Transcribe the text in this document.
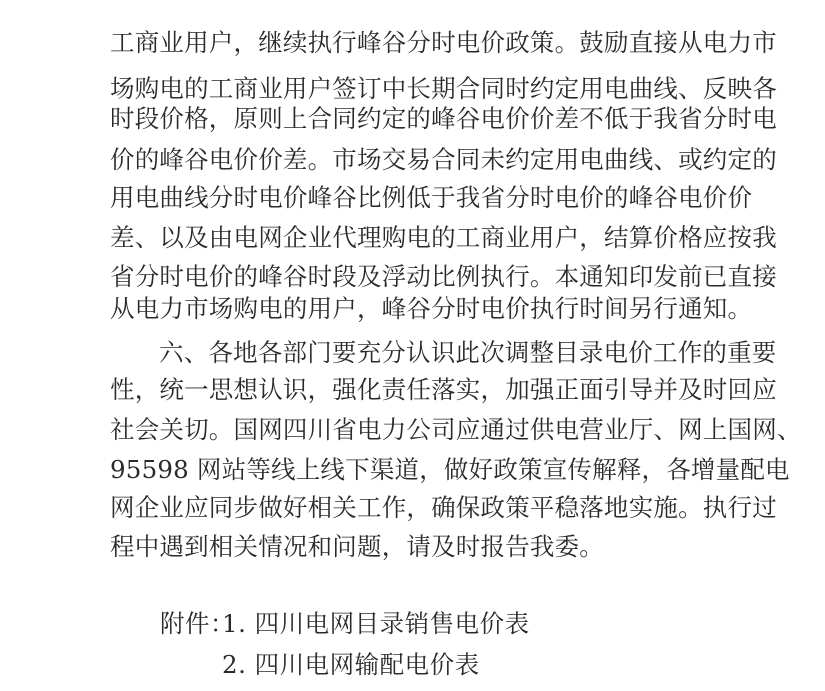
工商业用户，继续执行峰谷分时电价政策。鼓励直接从电力市
场购电的工商业用户签订中长期合同时约定用电曲线、反映各
时段价格，原则上合同约定的峰谷电价价差不低于我省分时电
价的峰谷电价价差。市场交易合同未约定用电曲线、或约定的
用电曲线分时电价峰谷比例低于我省分时电价的峰谷电价价
差、以及由电网企业代理购电的工商业用户，结算价格应按我
省分时电价的峰谷时段及浮动比例执行。本通知印发前已直接
从电力市场购电的用户，峰谷分时电价执行时间另行通知。
六、各地各部门要充分认识此次调整目录电价工作的重要
性，统一思想认识，强化责任落实，加强正面引导并及时回应
社会关切。国网四川省电力公司应通过供电营业厅、网上国网、
95598 网站等线上线下渠道，做好政策宣传解释，各增量配电
网企业应同步做好相关工作，确保政策平稳落地实施。执行过
程中遇到相关情况和问题，请及时报告我委。
附件：
1. 四川电网目录销售电价表
2. 四川电网输配电价表
